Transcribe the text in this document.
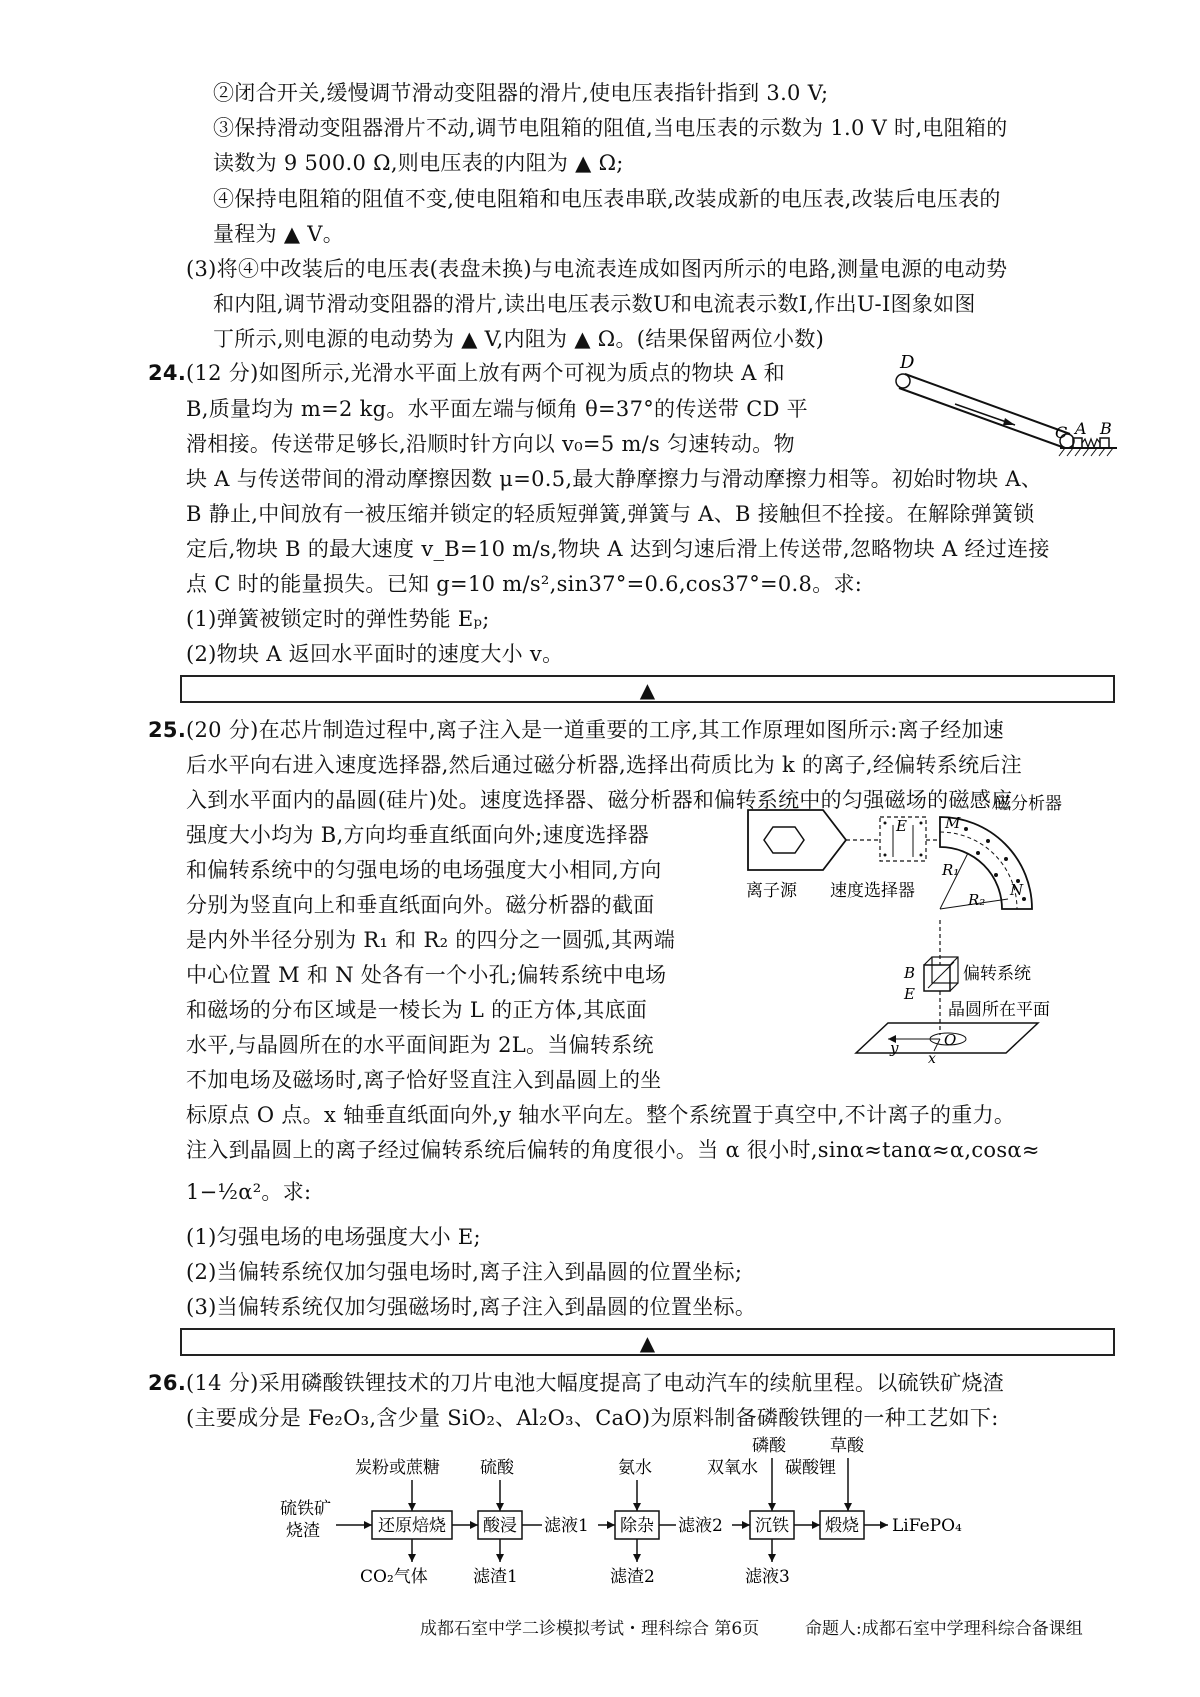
②闭合开关,缓慢调节滑动变阻器的滑片,使电压表指针指到 3.0 V;
③保持滑动变阻器滑片不动,调节电阻箱的阻值,当电压表的示数为 1.0 V 时,电阻箱的
读数为 9 500.0 Ω,则电压表的内阻为 ▲ Ω;
④保持电阻箱的阻值不变,使电阻箱和电压表串联,改装成新的电压表,改装后电压表的
量程为 ▲ V。
(3)将④中改装后的电压表(表盘未换)与电流表连成如图丙所示的电路,测量电源的电动势
和内阻,调节滑动变阻器的滑片,读出电压表示数U和电流表示数I,作出U-I图象如图
丁所示,则电源的电动势为 ▲ V,内阻为 ▲ Ω。(结果保留两位小数)
24. (12 分)如图所示,光滑水平面上放有两个可视为质点的物块 A 和
B,质量均为 m=2 kg。水平面左端与倾角 θ=37°的传送带 CD 平
滑相接。传送带足够长,沿顺时针方向以 v₀=5 m/s 匀速转动。物
块 A 与传送带间的滑动摩擦因数 μ=0.5,最大静摩擦力与滑动摩擦力相等。初始时物块 A、
B 静止,中间放有一被压缩并锁定的轻质短弹簧,弹簧与 A、B 接触但不拴接。在解除弹簧锁
定后,物块 B 的最大速度 v_B=10 m/s,物块 A 达到匀速后滑上传送带,忽略物块 A 经过连接
点 C 时的能量损失。已知 g=10 m/s²,sin37°=0.6,cos37°=0.8。求:
(1)弹簧被锁定时的弹性势能 Eₚ;
(2)物块 A 返回水平面时的速度大小 v。
D
C A B
▲
25. (20 分)在芯片制造过程中,离子注入是一道重要的工序,其工作原理如图所示:离子经加速
后水平向右进入速度选择器,然后通过磁分析器,选择出荷质比为 k 的离子,经偏转系统后注
入到水平面内的晶圆(硅片)处。速度选择器、磁分析器和偏转系统中的匀强磁场的磁感应
强度大小均为 B,方向均垂直纸面向外;速度选择器
和偏转系统中的匀强电场的电场强度大小相同,方向
分别为竖直向上和垂直纸面向外。磁分析器的截面
是内外半径分别为 R₁ 和 R₂ 的四分之一圆弧,其两端
中心位置 M 和 N 处各有一个小孔;偏转系统中电场
和磁场的分布区域是一棱长为 L 的正方体,其底面
水平,与晶圆所在的水平面间距为 2L。当偏转系统
不加电场及磁场时,离子恰好竖直注入到晶圆上的坐
标原点 O 点。x 轴垂直纸面向外,y 轴水平向左。整个系统置于真空中,不计离子的重力。
注入到晶圆上的离子经过偏转系统后偏转的角度很小。当 α 很小时,sinα≈tanα≈α,cosα≈
1−½α²。求:
(1)匀强电场的电场强度大小 E;
(2)当偏转系统仅加匀强电场时,离子注入到晶圆的位置坐标;
(3)当偏转系统仅加匀强磁场时,离子注入到晶圆的位置坐标。
E	M
N
R₁
R₂
磁分析器
离子源 速度选择器
B
E
偏转系统
晶圆所在平面
y	O
x
▲
26. (14 分)采用磷酸铁锂技术的刀片电池大幅度提高了电动汽车的续航里程。以硫铁矿烧渣
(主要成分是 Fe₂O₃,含少量 SiO₂、Al₂O₃、CaO)为原料制备磷酸铁锂的一种工艺如下:
硫铁矿
烧渣	还原焙烧 酸浸 滤液1 除杂 滤液2 沉铁 煅烧 LiFePO₄
炭粉或蔗糖 硫酸	氨水	双氧水
磷酸
碳酸锂
草酸
CO₂气体	滤渣1	滤渣2	滤液3
成都石室中学二诊模拟考试・理科综合 第6页	命题人:成都石室中学理科综合备课组
